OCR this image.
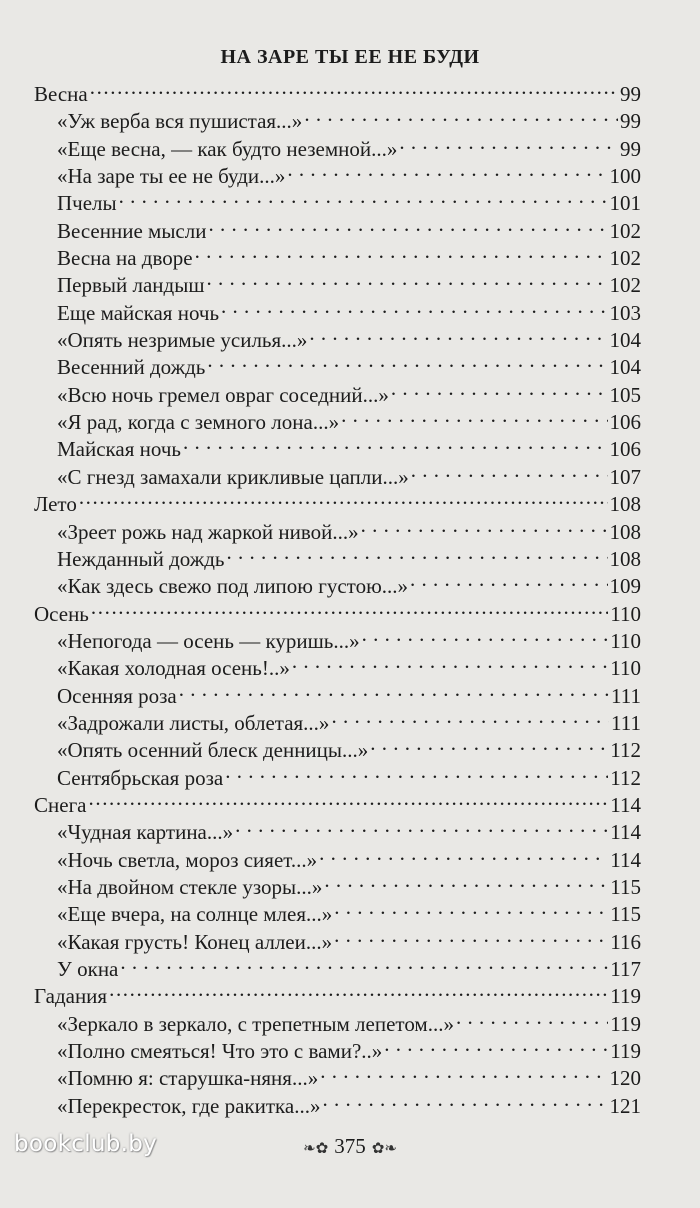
НА ЗАРЕ ТЫ ЕЕ НЕ БУДИ
Весна .....	99
«Уж верба вся пушистая...» . . .	99
«Еще весна, — как будто неземной...» . . .	99
«На заре ты ее не буди...» . . .	100
Пчелы . . .	101
Весенние мысли . . .	102
Весна на дворе . . .	102
Первый ландыш . . .	102
Еще майская ночь . . .	103
«Опять незримые усилья...» . . .	104
Весенний дождь . . .	104
«Всю ночь гремел овраг соседний...» . . .	105
«Я рад, когда с земного лона...» . . .	106
Майская ночь . . .	106
«С гнезд замахали крикливые цапли...» . . .	107
Лето .....	108
«Зреет рожь над жаркой нивой...» . . .	108
Нежданный дождь . . .	108
«Как здесь свежо под липою густою...» . . .	109
Осень .....	110
«Непогода — осень — куришь...» . . .	110
«Какая холодная осень!..» . . .	110
Осенняя роза . . .	111
«Задрожали листы, облетая...» . . .	111
«Опять осенний блеск денницы...» . . .	112
Сентябрьская роза . . .	112
Снега .....	114
«Чудная картина...» . . .	114
«Ночь светла, мороз сияет...» . . .	114
«На двойном стекле узоры...» . . .	115
«Еще вчера, на солнце млея...» . . .	115
«Какая грусть! Конец аллеи...» . . .	116
У окна . . .	117
Гадания .....	119
«Зеркало в зеркало, с трепетным лепетом...» . . .	119
«Полно смеяться! Что это с вами?..» . . .	119
«Помню я: старушка-няня...» . . .	120
«Перекресток, где ракитка...» . . .	121
❧✿ 375 ✿❧
bookclub.by
